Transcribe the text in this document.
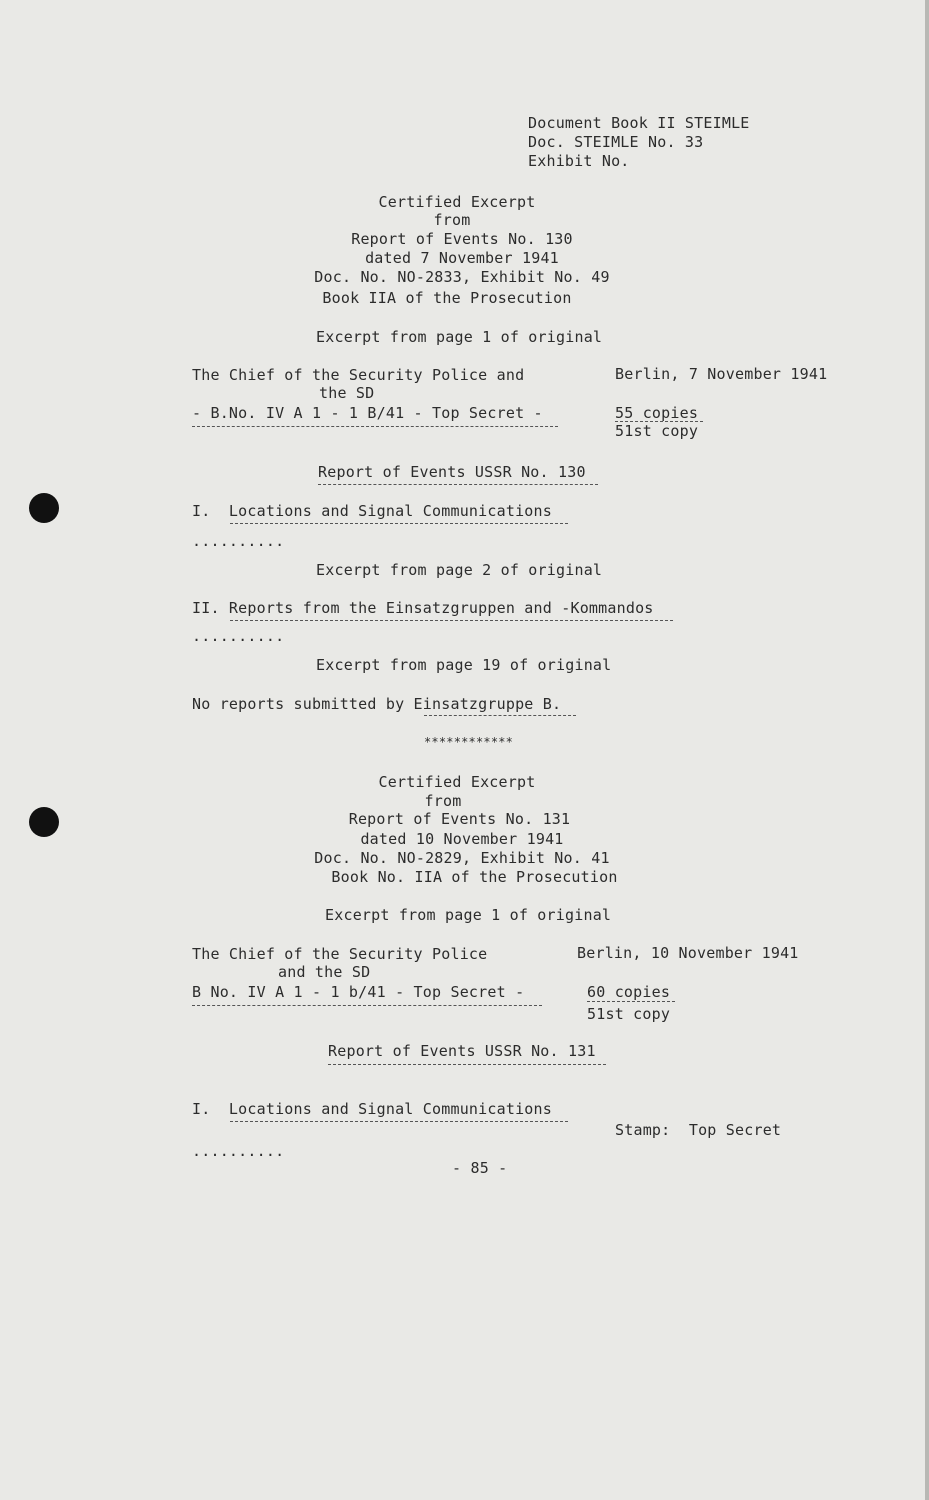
Document Book II STEIMLE
Doc. STEIMLE No. 33
Exhibit No.
Certified Excerpt
from
Report of Events No. 130
dated 7 November 1941
Doc. No. NO-2833, Exhibit No. 49
Book IIA of the Prosecution
Excerpt from page 1 of original
The Chief of the Security Police and
the SD
Berlin, 7 November 1941
- B.No. IV A 1 - 1 B/41 - Top Secret -	55 copies
51st copy
Report of Events USSR No. 130
I.  Locations and Signal Communications
..........
Excerpt from page 2 of original
II. Reports from the Einsatzgruppen and -Kommandos
..........
Excerpt from page 19 of original
No reports submitted by Einsatzgruppe B.
************
Certified Excerpt
from
Report of Events No. 131
dated 10 November 1941
Doc. No. NO-2829, Exhibit No. 41
Book No. IIA of the Prosecution
Excerpt from page 1 of original
The Chief of the Security Police
and the SD
Berlin, 10 November 1941
B No. IV A 1 - 1 b/41 - Top Secret -	60 copies
51st copy
Report of Events USSR No. 131
I.  Locations and Signal Communications
Stamp:  Top Secret
..........
- 85 -
